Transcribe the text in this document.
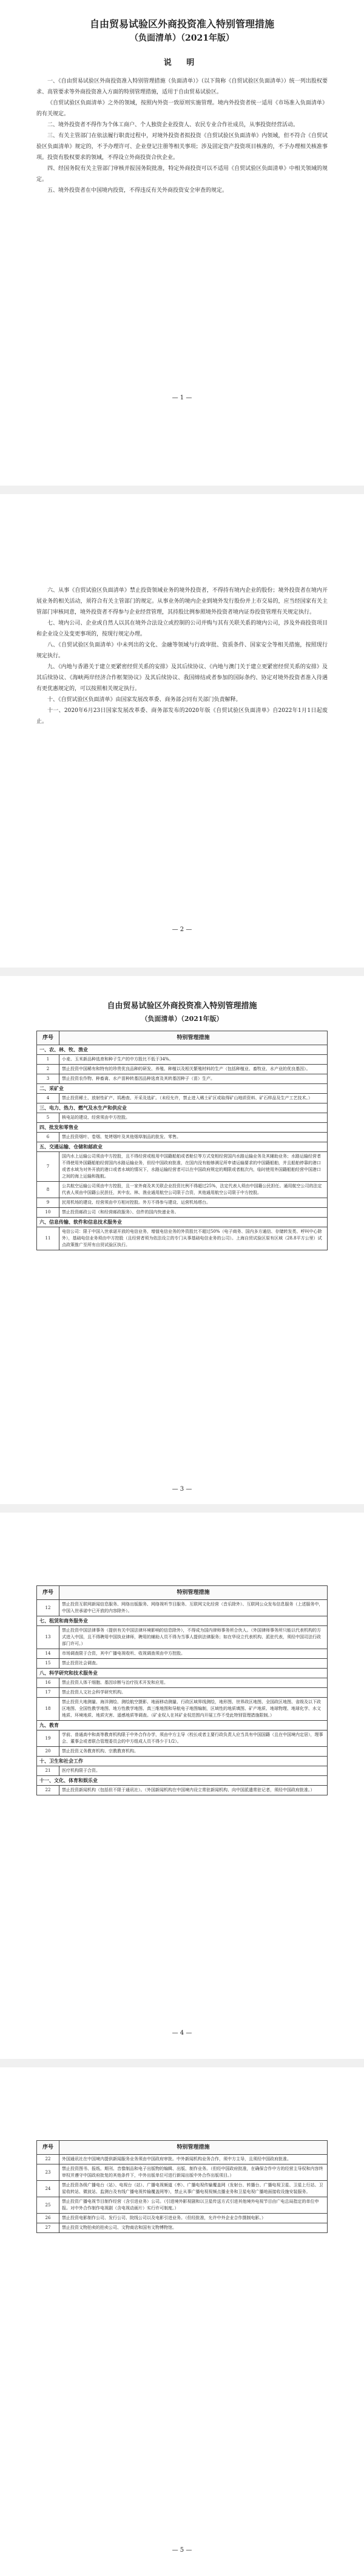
自由贸易试验区外商投资准入特别管理措施
（负面清单）（2021年版）
说 明

一、《自由贸易试验区外商投资准入特别管理措施（负面清单）》（以下简称《自贸试验区负面清单》）统一列出股权要求、高管要求等外商投资准入方面的特别管理措施，适用于自由贸易试验区。

《自贸试验区负面清单》之外的领域，按照内外资一致原则实施管理。境内外投资者统一适用《市场准入负面清单》的有关规定。

二、境外投资者不得作为个体工商户、个人独资企业投资人、农民专业合作社成员，从事投资经营活动。

三、有关主管部门在依法履行职责过程中，对境外投资者拟投资《自贸试验区负面清单》内领域，但不符合《自贸试验区负面清单》规定的，不予办理许可、企业登记注册等相关事项；涉及固定资产投资项目核准的，不予办理相关核准事项。投资有股权要求的领域，不得设立外商投资合伙企业。

四、经国务院有关主管部门审核并报国务院批准，特定外商投资可以不适用《自贸试验区负面清单》中相关领域的规定。

五、境外投资者在中国境内投资，不得违反有关外商投资安全审查的规定。

— 1 —

六、从事《自贸试验区负面清单》禁止投资领域业务的境外投资者，不得持有境内企业的股份；境外投资者在境内开展业务的相关活动，须符合有关主管部门的规定。从事业务的境内企业到境外发行股份并上市交易的，应当经国家有关主管部门审核同意，境外投资者不得参与企业经营管理，其持股比例参照境外投资者境内证券投资管理有关规定执行。

七、境内公司、企业或自然人以其在境外合法设立或控制的公司并购与其有关联关系的境内公司，涉及外商投资项目和企业设立及变更事项的，按现行规定办理。

八、《自贸试验区负面清单》中未列出的文化、金融等领域与行政审批、资质条件、国家安全等相关措施，按照现行规定执行。

九、《内地与香港关于建立更紧密经贸关系的安排》及其后续协议、《内地与澳门关于建立更紧密经贸关系的安排》及其后续协议、《海峡两岸经济合作框架协议》及其后续协议、我国缔结或者参加的国际条约、协定对境外投资者准入待遇有更优惠规定的，可以按照相关规定执行。

十、《自贸试验区负面清单》由国家发展改革委、商务部会同有关部门负责解释。

十一、2020年6月23日国家发展改革委、商务部发布的2020年版《自贸试验区负面清单》自2022年1月1日起废止。

— 2 —
自由贸易试验区外商投资准入特别管理措施
（负面清单）（2021年版）
序号	特别管理措施
一、农、林、牧、渔业	
1	小麦、玉米新品种选育和种子生产的中方股比不低于34%。
2	禁止投资中国稀有和特有的珍贵优良品种的研发、养殖、种植以及相关繁殖材料的生产（包括种植业、畜牧业、水产业的优良基因）。
3	禁止投资农作物、种畜禽、水产苗种转基因品种选育及其转基因种子（苗）生产。
二、采矿业	
4	禁止投资稀土、放射性矿产、钨勘查、开采及选矿。（未经允许，禁止进入稀土矿区或取得矿山地质资料、矿石样品及生产工艺技术。）
三、电力、热力、燃气及水生产和供应业	
5	核电站的建设、经营须由中方控股。
四、批发和零售业	
6	禁止投资烟叶、卷烟、复烤烟叶及其他烟草制品的批发、零售。
五、交通运输、仓储和邮政业	
7	国内水上运输公司须由中方控股，且不得经营或租用中国籍船舶或者舱位等方式变相经营国内水路运输业务及其辅助业务；水路运输经营者不得使用外国籍船舶经营国内水路运输业务，但经中国政府批准，在国内没有能够满足所申请运输要求的中国籍船舶，并且船舶停靠的港口或者水域为对外开放的港口或者水域的情况下，水路运输经营者可以在中国政府规定的期限或者航次内，临时使用外国籍船舶经营中国港口之间的海上运输和拖航。
8	公共航空运输公司须由中方控股，且一家外商及其关联企业投资比例不得超过25%，法定代表人须由中国籍公民担任。通用航空公司的法定代表人须由中国籍公民担任，其中农、林、渔业通用航空公司限于合资，其他通用航空公司限于中方控股。
9	民用机场的建设、经营须由中方相对控股。外方不得参与建设、运营机场塔台。
10	禁止投资邮政公司（和经营邮政服务）、信件的国内快递业务。
六、信息传输、软件和信息技术服务业	
11	电信公司：限于中国入世承诺开放的电信业务，增值电信业务的外资股比不超过50%（电子商务、国内多方通信、存储转发类、呼叫中心除外），基础电信业务须由中方控股（且经营者须为依法设立的专门从事基础电信业务的公司）。上海自贸试验区原有区域（28.8平方公里）试点政策推广至所有自贸试验区执行。
— 3 —
序号	特别管理措施
12	禁止投资互联网新闻信息服务、网络出版服务、网络视听节目服务、互联网文化经营（音乐除外）、互联网公众发布信息服务（上述服务中，中国入世承诺中已开放的内容除外）。
七、租赁和商务服务业	
13	禁止投资中国法律事务（提供有关中国法律环境影响的信息除外），不得成为国内律师事务所合伙人。（外国律师事务所只能以代表机构的方式进入中国，且不得聘用中国执业律师，聘用的辅助人员不得为当事人提供法律服务；如在华设立代表机构、派驻代表，须经中国司法行政部门许可。）
14	市场调查限于合资，其中广播电视收听、收视调查须由中方控股。
15	禁止投资社会调查。
八、科学研究和技术服务业	
16	禁止投资人体干细胞、基因诊断与治疗技术开发和应用。
17	禁止投资人文社会科学研究机构。
18	禁止投资大地测量、海洋测绘、测绘航空摄影、地面移动测量、行政区域界线测绘，地形图、世界政区地图、全国政区地图、省级及以下政区地图、全国性教学地图、地方性教学地图、真三维地图和导航电子地图编制，区域性的地质填图、矿产地质、地球物理、地球化学、水文地质、环境地质、地质灾害、遥感地质等调查。（矿业权人在其矿业权范围内开展工作不受此特别管理措施限制。）
九、教育	
19	学前、普通高中和高等教育机构限于中外合作办学，须由中方主导（校长或者主要行政负责人应当具有中国国籍（且在中国境内定居），理事会、董事会或者联合管理委员会的中方组成人员不得少于1/2）。
20	禁止投资义务教育机构、宗教教育机构。
十、卫生和社会工作	
21	医疗机构限于合资。
十一、文化、体育和娱乐业	
22	禁止投资新闻机构（包括但不限于通讯社）。（外国新闻机构在中国境内设立常驻新闻机构、向中国派遣常驻记者，须经中国政府批准。）
— 4 —
序号	特别管理措施
22	外国通讯社在中国境内提供新闻服务业务须由中国政府审批。中外新闻机构业务合作，须中方主导，且须经中国政府批准。
23	禁止投资图书、报纸、期刊、音像制品和电子出版物的编辑、出版、制作业务。（但经中国政府批准，在确保合作中方的经营主导权和内容终审权并遵守中国政府批复的其他条件下，中外出版单位可进行新闻出版中外合作出版项目。）
24	禁止投资各级广播电台（站）、电视台（站）、广播电视频道（率）、广播电视传输覆盖网（发射台、转播台、广播电视卫星、卫星上行站、卫星收转站、微波站、监测台及有线广播电视传输覆盖网等），禁止从事广播电视视频点播业务和卫星电视广播地面接收设施安装服务。
25	禁止投资广播电视节目制作经营（含引进业务）公司。（引进境外影视剧和以卫星传送方式引进其他境外电视节目由广电总局指定的单位申报。对中外合作制作电视剧（含电视动画片）实行许可制度。）
26	禁止投资电影制作公司、发行公司、院线公司以及电影引进业务。（但经批准，允许中外企业合作摄制电影。）
27	禁止投资文物拍卖的拍卖公司、文物商店和国有文物博物馆。
— 5 —
